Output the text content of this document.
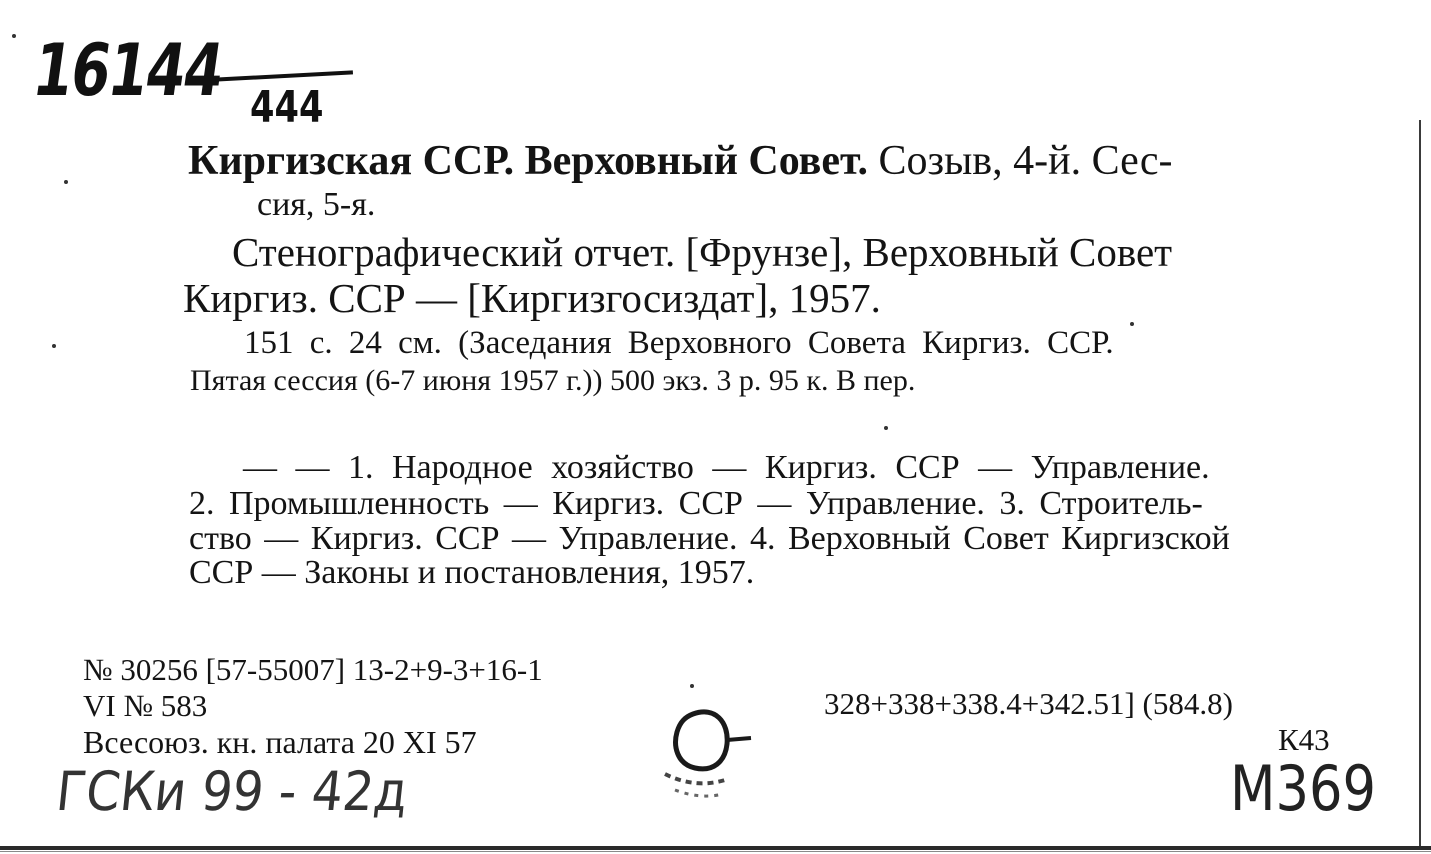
16144 444
Киргизская ССР. Верховный Совет. Созыв, 4-й. Сес-
сия, 5-я.
Стенографический отчет. [Фрунзе], Верховный Совет
Киргиз. ССР — [Киргизгосиздат], 1957.
151 с. 24 см. (Заседания Верховного Совета Киргиз. ССР.
Пятая сессия (6-7 июня 1957 г.)) 500 экз. 3 р. 95 к. В пер.
— — 1. Народное хозяйство — Киргиз. ССР — Управление.
2. Промышленность — Киргиз. ССР — Управление. 3. Строитель-
ство — Киргиз. ССР — Управление. 4. Верховный Совет Киргизской
ССР — Законы и постановления, 1957.
№ 30256 [57-55007] 13-2+9-3+16-1
VI № 583
Всесоюз. кн. палата 20 XI 57
328+338+338.4+342.51] (584.8)
К43
ГСКи 99 - 42д	М369
